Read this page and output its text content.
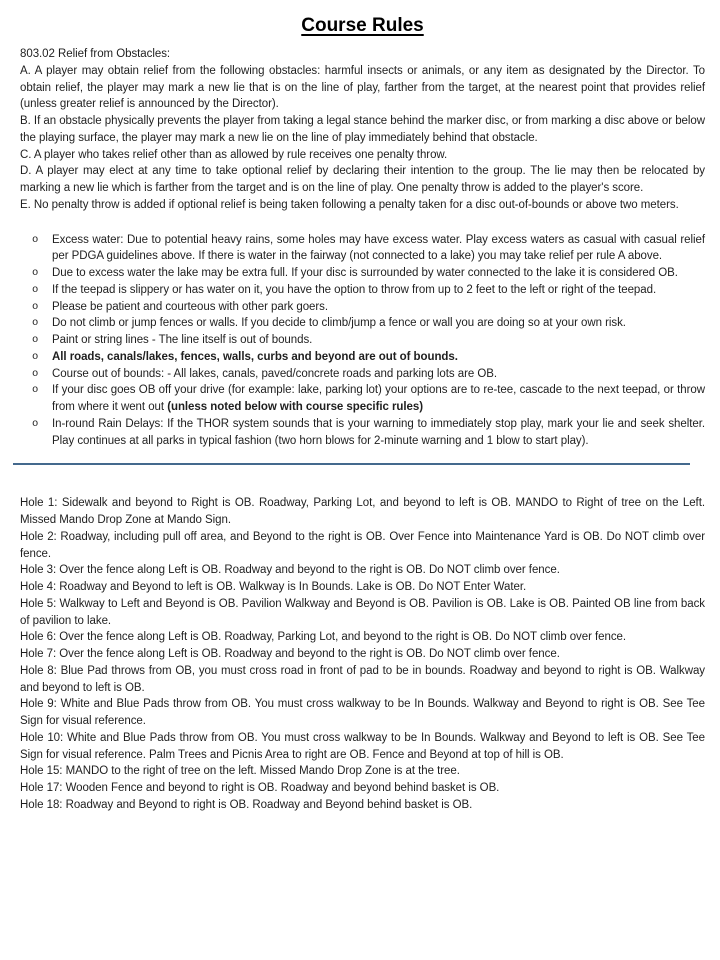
Course Rules

803.02 Relief from Obstacles:

A. A player may obtain relief from the following obstacles: harmful insects or animals, or any item as designated by the Director. To obtain relief, the player may mark a new lie that is on the line of play, farther from the target, at the nearest point that provides relief (unless greater relief is announced by the Director).

B. If an obstacle physically prevents the player from taking a legal stance behind the marker disc, or from marking a disc above or below the playing surface, the player may mark a new lie on the line of play immediately behind that obstacle.

C. A player who takes relief other than as allowed by rule receives one penalty throw.

D. A player may elect at any time to take optional relief by declaring their intention to the group. The lie may then be relocated by marking a new lie which is farther from the target and is on the line of play. One penalty throw is added to the player's score.

E. No penalty throw is added if optional relief is being taken following a penalty taken for a disc out-of-bounds or above two meters.

o Excess water: Due to potential heavy rains, some holes may have excess water. Play excess waters as casual with casual relief per PDGA guidelines above. If there is water in the fairway (not connected to a lake) you may take relief per rule A above.
o Due to excess water the lake may be extra full. If your disc is surrounded by water connected to the lake it is considered OB.
o If the teepad is slippery or has water on it, you have the option to throw from up to 2 feet to the left or right of the teepad.
o Please be patient and courteous with other park goers.
o Do not climb or jump fences or walls. If you decide to climb/jump a fence or wall you are doing so at your own risk.
o Paint or string lines - The line itself is out of bounds.
o All roads, canals/lakes, fences, walls, curbs and beyond are out of bounds.
o Course out of bounds: - All lakes, canals, paved/concrete roads and parking lots are OB.
o If your disc goes OB off your drive (for example: lake, parking lot) your options are to re-tee, cascade to the next teepad, or throw from where it went out (unless noted below with course specific rules)
o In-round Rain Delays: If the THOR system sounds that is your warning to immediately stop play, mark your lie and seek shelter. Play continues at all parks in typical fashion (two horn blows for 2-minute warning and 1 blow to start play).

Hole 1: Sidewalk and beyond to Right is OB. Roadway, Parking Lot, and beyond to left is OB. MANDO to Right of tree on the Left. Missed Mando Drop Zone at Mando Sign.

Hole 2: Roadway, including pull off area, and Beyond to the right is OB. Over Fence into Maintenance Yard is OB. Do NOT climb over fence.

Hole 3: Over the fence along Left is OB. Roadway and beyond to the right is OB. Do NOT climb over fence.

Hole 4: Roadway and Beyond to left is OB. Walkway is In Bounds. Lake is OB. Do NOT Enter Water.

Hole 5: Walkway to Left and Beyond is OB. Pavilion Walkway and Beyond is OB. Pavilion is OB. Lake is OB. Painted OB line from back of pavilion to lake.

Hole 6: Over the fence along Left is OB. Roadway, Parking Lot, and beyond to the right is OB. Do NOT climb over fence.

Hole 7: Over the fence along Left is OB. Roadway and beyond to the right is OB. Do NOT climb over fence.

Hole 8: Blue Pad throws from OB, you must cross road in front of pad to be in bounds. Roadway and beyond to right is OB. Walkway and beyond to left is OB.

Hole 9: White and Blue Pads throw from OB. You must cross walkway to be In Bounds. Walkway and Beyond to right is OB. See Tee Sign for visual reference.

Hole 10: White and Blue Pads throw from OB. You must cross walkway to be In Bounds. Walkway and Beyond to left is OB. See Tee Sign for visual reference. Palm Trees and Picnis Area to right are OB. Fence and Beyond at top of hill is OB.

Hole 15: MANDO to the right of tree on the left. Missed Mando Drop Zone is at the tree.

Hole 17: Wooden Fence and beyond to right is OB. Roadway and beyond behind basket is OB.

Hole 18: Roadway and Beyond to right is OB. Roadway and Beyond behind basket is OB.
